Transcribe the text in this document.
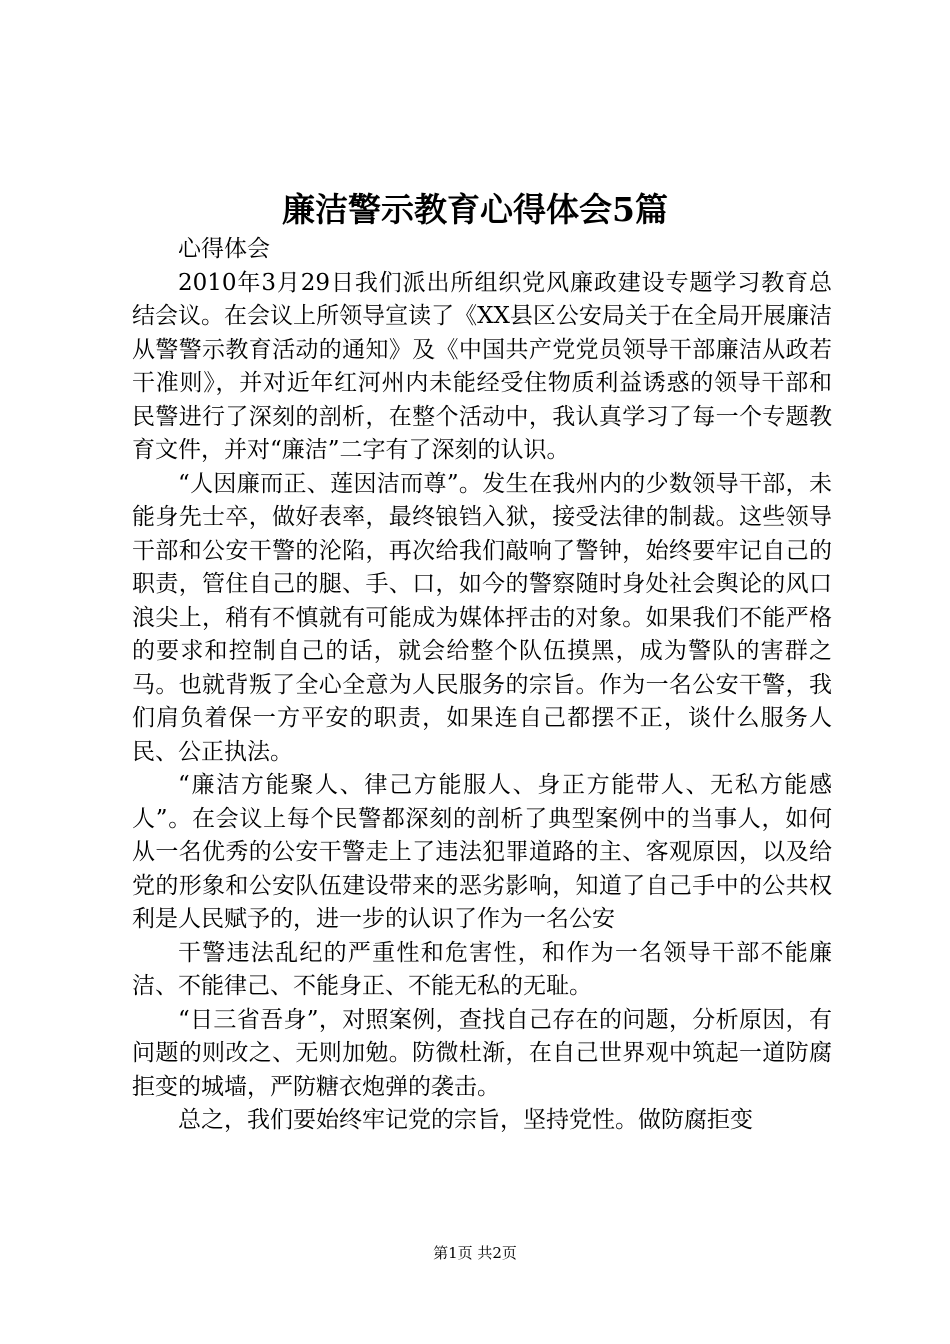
廉洁警示教育心得体会5篇

心得体会

2010年3月29日我们派出所组织党风廉政建设专题学习教育总结会议。在会议上所领导宣读了《XX县区公安局关于在全局开展廉洁从警警示教育活动的通知》及《中国共产党党员领导干部廉洁从政若干准则》，并对近年红河州内未能经受住物质利益诱惑的领导干部和民警进行了深刻的剖析，在整个活动中，我认真学习了每一个专题教育文件，并对“廉洁”二字有了深刻的认识。

“人因廉而正、莲因洁而尊”。发生在我州内的少数领导干部，未能身先士卒，做好表率，最终锒铛入狱，接受法律的制裁。这些领导干部和公安干警的沦陷，再次给我们敲响了警钟，始终要牢记自己的职责，管住自己的腿、手、口，如今的警察随时身处社会舆论的风口浪尖上，稍有不慎就有可能成为媒体抨击的对象。如果我们不能严格的要求和控制自己的话，就会给整个队伍摸黑，成为警队的害群之马。也就背叛了全心全意为人民服务的宗旨。作为一名公安干警，我们肩负着保一方平安的职责，如果连自己都摆不正，谈什么服务人民、公正执法。

“廉洁方能聚人、律己方能服人、身正方能带人、无私方能感人”。在会议上每个民警都深刻的剖析了典型案例中的当事人，如何从一名优秀的公安干警走上了违法犯罪道路的主、客观原因，以及给党的形象和公安队伍建设带来的恶劣影响，知道了自己手中的公共权利是人民赋予的，进一步的认识了作为一名公安

干警违法乱纪的严重性和危害性，和作为一名领导干部不能廉洁、不能律己、不能身正、不能无私的无耻。

“日三省吾身”，对照案例，查找自己存在的问题，分析原因，有问题的则改之、无则加勉。防微杜渐，在自己世界观中筑起一道防腐拒变的城墙，严防糖衣炮弹的袭击。

总之，我们要始终牢记党的宗旨，坚持党性。做防腐拒变

第1页 共2页
